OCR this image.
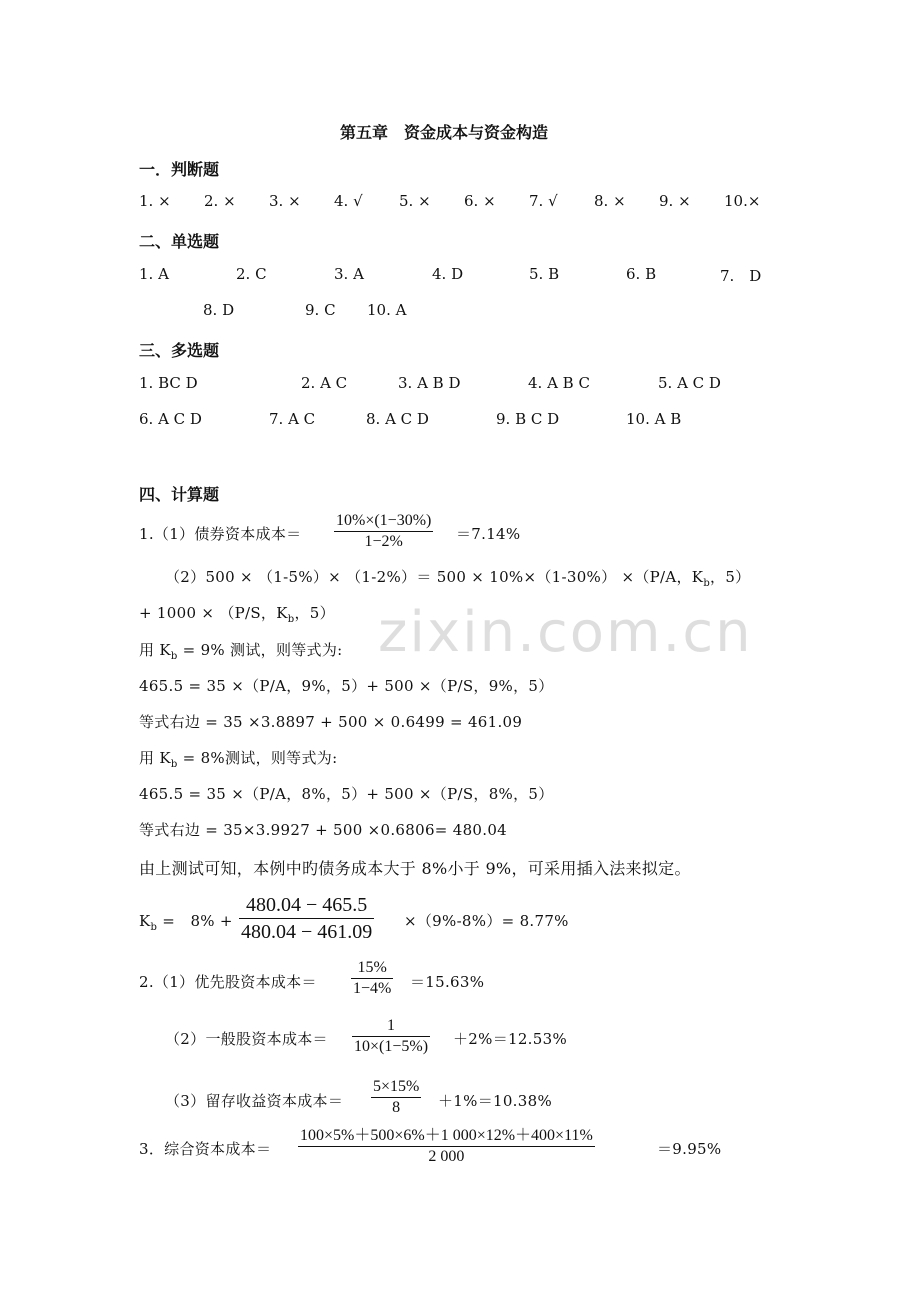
第五章　资金成本与资金构造
一．判断题
1. × 2. × 3. × 4. √ 5. × 6. × 7. √ 8. × 9. × 10.×
二、单选题
1. A	2. C	3. A	4. D	5. B	6. B	7.　D
8. D	9. C 10. A
三、多选题
1. BC D	2. A C	3. A B D	4. A B C	5. A C D
6. A C D	7. A C	8. A C D	9. B C D	10. A B
四、计算题
1.（1）债券资本成本＝ $\frac{10\%\times(1-30\%)}{1-2\%} =7.14\%$
（2）500 × （1-5%）× （1-2%）＝ 500 × 10%×（1-30%） ×（P/A，$K_b$，5）
+ 1000 × （P/S，$K_b$，5）
用 $K_b = 9\%$ 测试，则等式为:
465.5 = 35 ×（P/A，9%，5）+ 500 ×（P/S，9%，5）
等式右边 = 35 ×3.8897 + 500 × 0.6499 = 461.09
用 $K_b = 8\%$测试，则等式为:
465.5 = 35 ×（P/A，8%，5）+ 500 ×（P/S，8%，5）
等式右边 = 35×3.9927 + 500 ×0.6806= 480.04
由上测试可知，本例中旳债务成本大于 8%小于 9%，可采用插入法来拟定。
$K_b$ =　$8\% + \frac{480.04 - 465.5}{480.04 - 461.09} \times(9\%-8\%)= 8.77\%$
2.（1）优先股资本成本＝ $\frac{15\%}{1-4\%} =15.63\%$
（2）一般股资本成本＝ $\frac{1}{10\times(1-5\%)} +2\%=12.53\%$
（3）留存收益资本成本＝ $\frac{5\times 15\%}{8} +1\%=10.38\%$
3．综合资本成本＝ $\frac{100\times 5\%+500\times 6\%+1 000\times 12\%+400\times 11\%}{2 000}$	＝9.95%
zixin.com.cn
